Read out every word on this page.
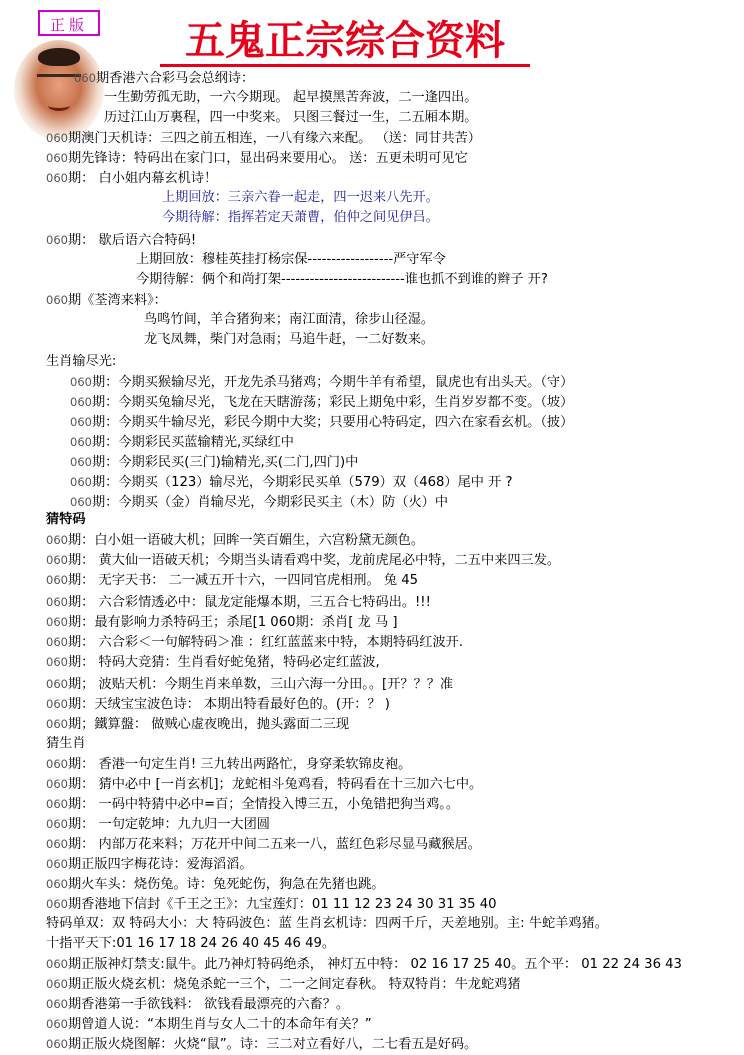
正版	五鬼正宗综合资料
060期香港六合彩马会总纲诗：
一生勤劳孤无助，一六今期现。 起早摸黑苦奔波，二一逢四出。
历过江山万裏程，四一中奖来。 只图三餐过一生，二五厢本期。
060期澳门天机诗：三四之前五相连，一八有缘六来配。 （送：同甘共苦）
060期先锋诗：特码出在家门口，显出码来要用心。 送：五更未明可见它
060期： 白小姐内幕玄机诗！
上期回放：三亲六眷一起走，四一迟来八先开。
今期待解：指挥若定天萧曹，伯仲之间见伊吕。
060期： 歇后语六合特码!
上期回放：穆桂英挂打杨宗保------------------严守军令
今期待解：俩个和尚打架--------------------------谁也抓不到谁的辫子 开?
060期《荃湾来料》：
鸟鸣竹间，羊合猪狗来；南江面清，徐步山径湿。
龙飞凤舞，柴门对急雨；马追牛赶，一二好数来。
生肖输尽光:
060期：今期买猴输尽光，开龙先杀马猪鸡；今期牛羊有希望，鼠虎也有出头天。（守）
060期：今期买兔输尽光，飞龙在天瞎游荡；彩民上期兔中彩，生肖岁岁都不变。（坡）
060期：今期买牛输尽光，彩民今期中大奖；只要用心特码定，四六在家看玄机。（披）
060期：今期彩民买蓝输精光,买绿红中
060期：今期彩民买(三门)输精光,买(二门,四门)中
060期：今期买（123）输尽光，今期彩民买单（579）双（468）尾中 开 ?
060期：今期买（金）肖输尽光，今期彩民买主（木）防（火）中
猜特码
060期：白小姐一语破大机；回眸一笑百媚生，六宫粉黛无颜色。
060期： 黄大仙一语破天机；今期当头请看鸡中奖，龙前虎尾必中特，二五中来四三发。
060期： 无字天书： 二一减五开十六，一四同官虎相刑。 兔 45
060期： 六合彩情透必中：鼠龙定能爆本期，三五合七特码出。!!!
060期：最有影响力杀特码王；杀尾[1 060期：杀肖[ 龙 马 ]
060期： 六合彩＜一句解特码＞准 ：红红蓝蓝来中特，本期特码红波开.
060期： 特码大竞猜：生肖看好蛇兔猪，特码必定红蓝波,
060期； 波贴天机：今期生肖来单数，三山六海一分田。。[开？？？准
060期：天绒宝宝波色诗： 本期出特看最好色的。(开：？ )
060期；鐵算盤： 做贼心虚夜晚出，抛头露面二三现
猜生肖
060期： 香港一句定生肖! 三九转出两路忙，身穿柔软锦皮袍。
060期： 猜中必中 [一肖玄机]；龙蛇相斗兔鸡看，特码看在十三加六七中。
060期： 一码中特猜中必中=百；全情投入博三五，小兔错把狗当鸡。。
060期： 一句定乾坤：九九归一大团圆
060期： 内部万花来料；万花开中间二五来一八，蓝红色彩尽显马藏猴居。
060期正版四字梅花诗：爱海滔滔。
060期火车头：烧伤兔。诗：兔死蛇伤，狗急在先猪也跳。
060期香港地下信封《千王之王》：九宝莲灯：01 11 12 23 24 30 31 35 40
特码单双：双 特码大小：大 特码波色：蓝 生肖玄机诗：四两千斤，天差地别。主: 牛蛇羊鸡猪。
十指平天下:01 16 17 18 24 26 40 45 46 49。
060期正版神灯禁支:鼠牛。此乃神灯特码绝杀， 神灯五中特： 02 16 17 25 40。五个平： 01 22 24 36 43
060期正版火烧玄机：烧兔杀蛇一三个，二一之间定春秋。 特双特肖：牛龙蛇鸡猪
060期香港第一手欲钱料： 欲钱看最漂亮的六畜？。
060期曾道人说：“本期生肖与女人二十的本命年有关？”
060期正版火烧图解：火烧“鼠”。诗：三二对立看好八，二七看五是好码。
